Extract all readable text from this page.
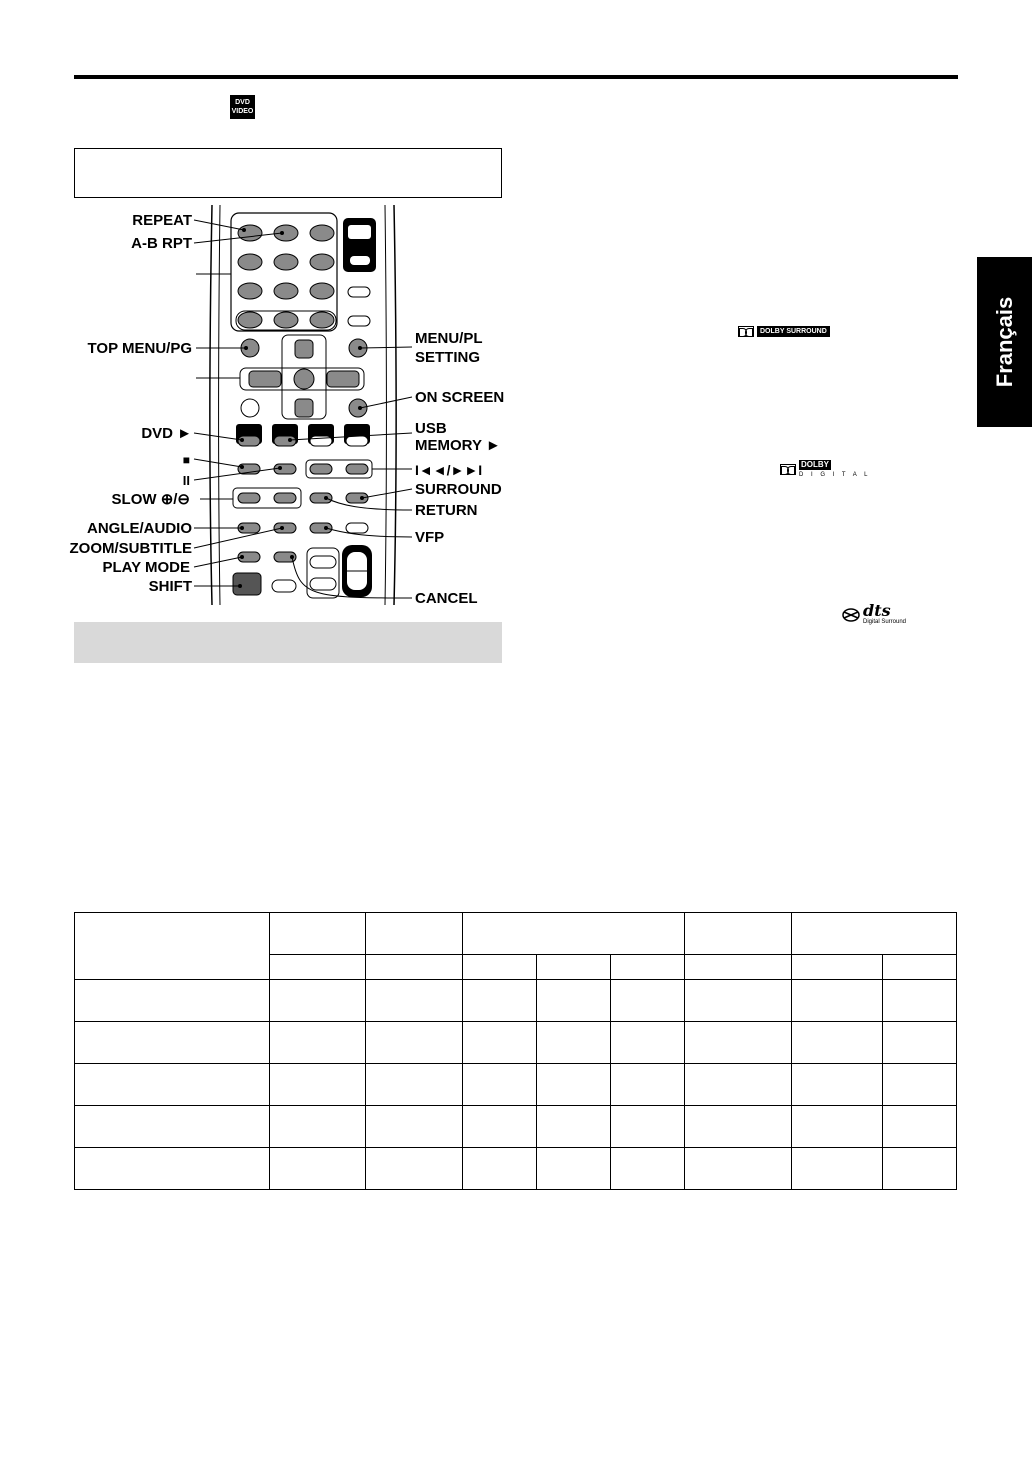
DVD
VIDEO
Français
REPEAT
A-B RPT
TOP MENU/PG
DVD ►
■
II
SLOW ⊕/⊖
ANGLE/AUDIO
ZOOM/SUBTITLE
PLAY MODE
SHIFT
MENU/PL
SETTING
ON SCREEN
USB
MEMORY ►
I◄◄/►►I
SURROUND
RETURN
VFP
CANCEL
DOLBY SURROUND
DOLBY
D I G I T A L
dts
Digital Surround
